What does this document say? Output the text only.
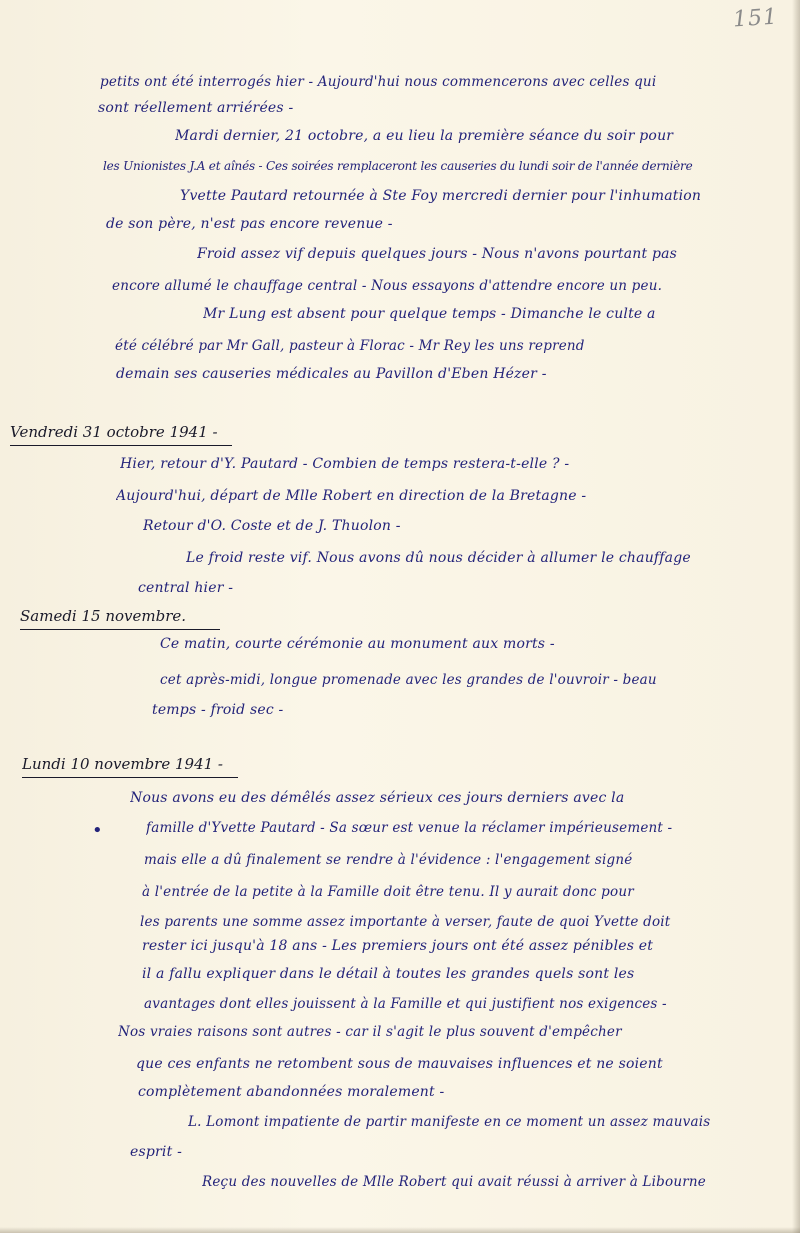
151
petits ont été interrogés hier - Aujourd'hui nous commencerons avec celles qui
sont réellement arriérées -
Mardi dernier, 21 octobre, a eu lieu la première séance du soir pour
les Unionistes J.A et aînés - Ces soirées remplaceront les causeries du lundi soir de l'année dernière
Yvette Pautard retournée à Ste Foy mercredi dernier pour l'inhumation
de son père, n'est pas encore revenue -
Froid assez vif depuis quelques jours - Nous n'avons pourtant pas
encore allumé le chauffage central - Nous essayons d'attendre encore un peu.
Mr Lung est absent pour quelque temps - Dimanche le culte a
été célébré par Mr Gall, pasteur à Florac - Mr Rey les uns reprend
demain ses causeries médicales au Pavillon d'Eben Hézer -
Vendredi 31 octobre 1941 -
Hier, retour d'Y. Pautard - Combien de temps restera-t-elle ? -
Aujourd'hui, départ de Mlle Robert en direction de la Bretagne -
Retour d'O. Coste et de J. Thuolon -
Le froid reste vif. Nous avons dû nous décider à allumer le chauffage
central hier -
Samedi 15 novembre.
Ce matin, courte cérémonie au monument aux morts -
cet après-midi, longue promenade avec les grandes de l'ouvroir - beau
temps - froid sec -
Lundi 10 novembre 1941 -
•
Nous avons eu des démêlés assez sérieux ces jours derniers avec la
famille d'Yvette Pautard - Sa sœur est venue la réclamer impérieusement -
mais elle a dû finalement se rendre à l'évidence : l'engagement signé
à l'entrée de la petite à la Famille doit être tenu. Il y aurait donc pour
les parents une somme assez importante à verser, faute de quoi Yvette doit
rester ici jusqu'à 18 ans - Les premiers jours ont été assez pénibles et
il a fallu expliquer dans le détail à toutes les grandes quels sont les
avantages dont elles jouissent à la Famille et qui justifient nos exigences -
Nos vraies raisons sont autres - car il s'agit le plus souvent d'empêcher
que ces enfants ne retombent sous de mauvaises influences et ne soient
complètement abandonnées moralement -
L. Lomont impatiente de partir manifeste en ce moment un assez mauvais
esprit -
Reçu des nouvelles de Mlle Robert qui avait réussi à arriver à Libourne
